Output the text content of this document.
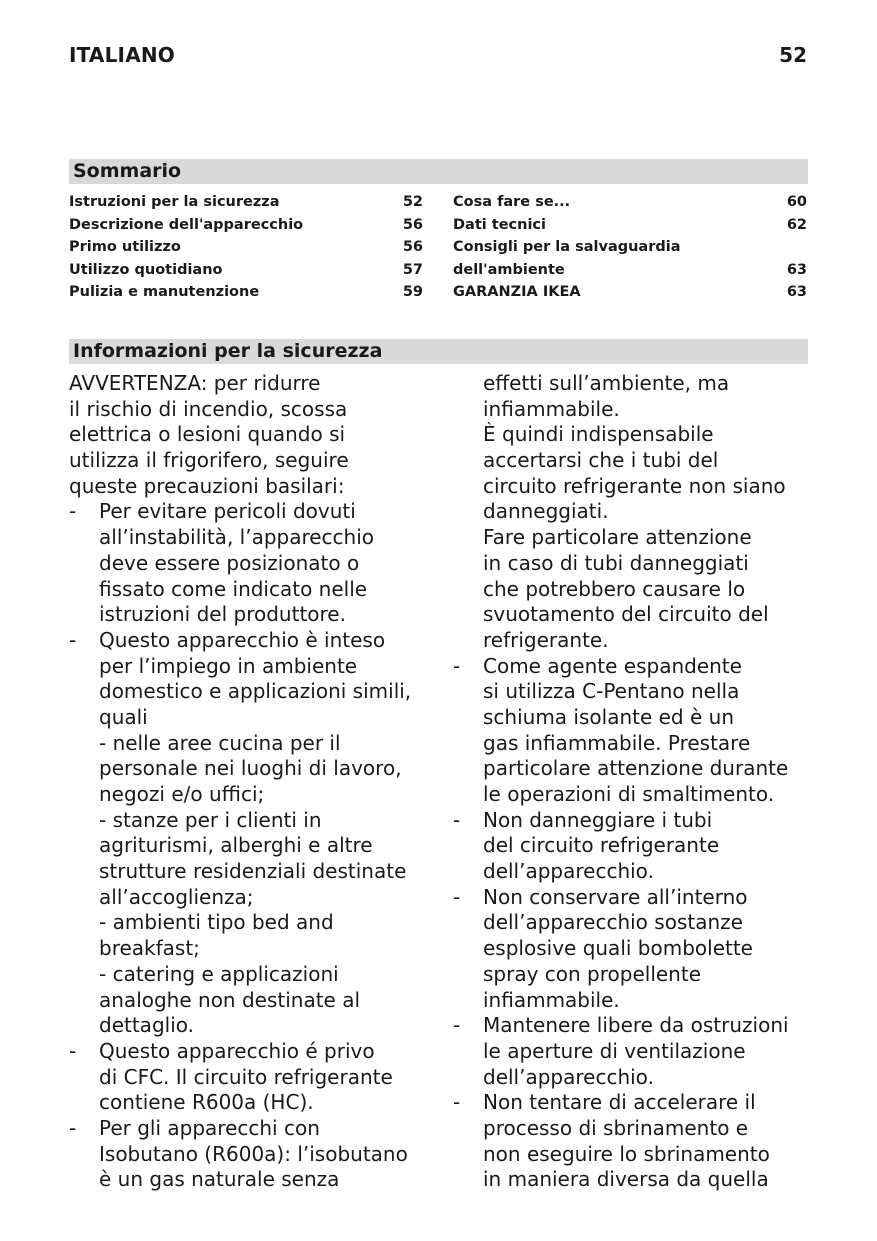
ITALIANO	52
Sommario
Istruzioni per la sicurezza	52
Descrizione dell'apparecchio	56
Primo utilizzo	56
Utilizzo quotidiano	57
Pulizia e manutenzione	59
Cosa fare se...	60
Dati tecnici	62
Consigli per la salvaguardia
dell'ambiente	63
GARANZIA IKEA	63
Informazioni per la sicurezza
AVVERTENZA: per ridurre
il rischio di incendio, scossa
elettrica o lesioni quando si
utilizza il frigorifero, seguire
queste precauzioni basilari:
- Per evitare pericoli dovuti
all’instabilità, l’apparecchio
deve essere posizionato o
fissato come indicato nelle
istruzioni del produttore.
- Questo apparecchio è inteso
per l’impiego in ambiente
domestico e applicazioni simili,
quali
- nelle aree cucina per il
personale nei luoghi di lavoro,
negozi e/o uffici;
- stanze per i clienti in
agriturismi, alberghi e altre
strutture residenziali destinate
all’accoglienza;
- ambienti tipo bed and
breakfast;
- catering e applicazioni
analoghe non destinate al
dettaglio.
- Questo apparecchio é privo
di CFC. Il circuito refrigerante
contiene R600a (HC).
- Per gli apparecchi con
Isobutano (R600a): l’isobutano
è un gas naturale senza
effetti sull’ambiente, ma
infiammabile.
È quindi indispensabile
accertarsi che i tubi del
circuito refrigerante non siano
danneggiati.
Fare particolare attenzione
in caso di tubi danneggiati
che potrebbero causare lo
svuotamento del circuito del
refrigerante.
- Come agente espandente
si utilizza C-Pentano nella
schiuma isolante ed è un
gas infiammabile. Prestare
particolare attenzione durante
le operazioni di smaltimento.
- Non danneggiare i tubi
del circuito refrigerante
dell’apparecchio.
- Non conservare all’interno
dell’apparecchio sostanze
esplosive quali bombolette
spray con propellente
infiammabile.
- Mantenere libere da ostruzioni
le aperture di ventilazione
dell’apparecchio.
- Non tentare di accelerare il
processo di sbrinamento e
non eseguire lo sbrinamento
in maniera diversa da quella
